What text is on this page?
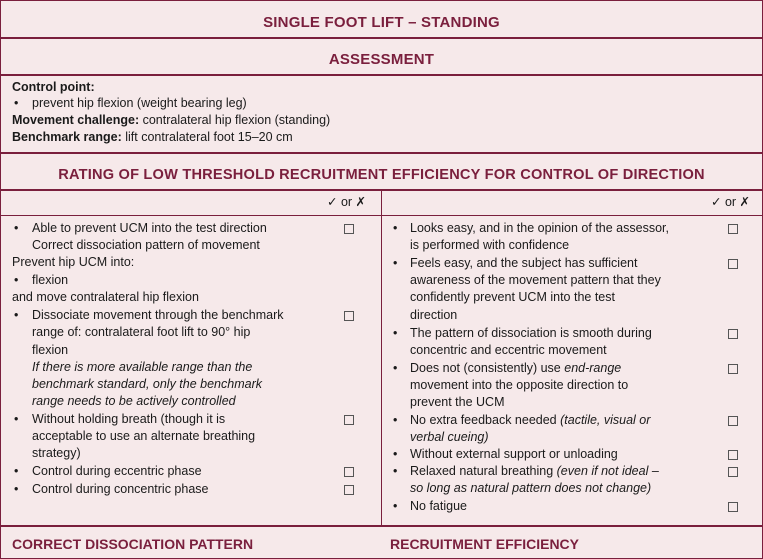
SINGLE FOOT LIFT – STANDING
ASSESSMENT
Control point:
• prevent hip flexion (weight bearing leg)
Movement challenge: contralateral hip flexion (standing)
Benchmark range: lift contralateral foot 15–20 cm
RATING OF LOW THRESHOLD RECRUITMENT EFFICIENCY FOR CONTROL OF DIRECTION
✓ or ✗	✓ or ✗
• Able to prevent UCM into the test direction
Correct dissociation pattern of movement
Prevent hip UCM into:
• flexion
and move contralateral hip flexion
• Dissociate movement through the benchmark
range of: contralateral foot lift to 90° hip
flexion
If there is more available range than the
benchmark standard, only the benchmark
range needs to be actively controlled
• Without holding breath (though it is
acceptable to use an alternate breathing
strategy)
• Control during eccentric phase
• Control during concentric phase
• Looks easy, and in the opinion of the assessor,
is performed with confidence
• Feels easy, and the subject has sufficient
awareness of the movement pattern that they
confidently prevent UCM into the test
direction
• The pattern of dissociation is smooth during
concentric and eccentric movement
• Does not (consistently) use end-range
movement into the opposite direction to
prevent the UCM
• No extra feedback needed (tactile, visual or
verbal cueing)
• Without external support or unloading
• Relaxed natural breathing (even if not ideal –
so long as natural pattern does not change)
• No fatigue
CORRECT DISSOCIATION PATTERN	RECRUITMENT EFFICIENCY
